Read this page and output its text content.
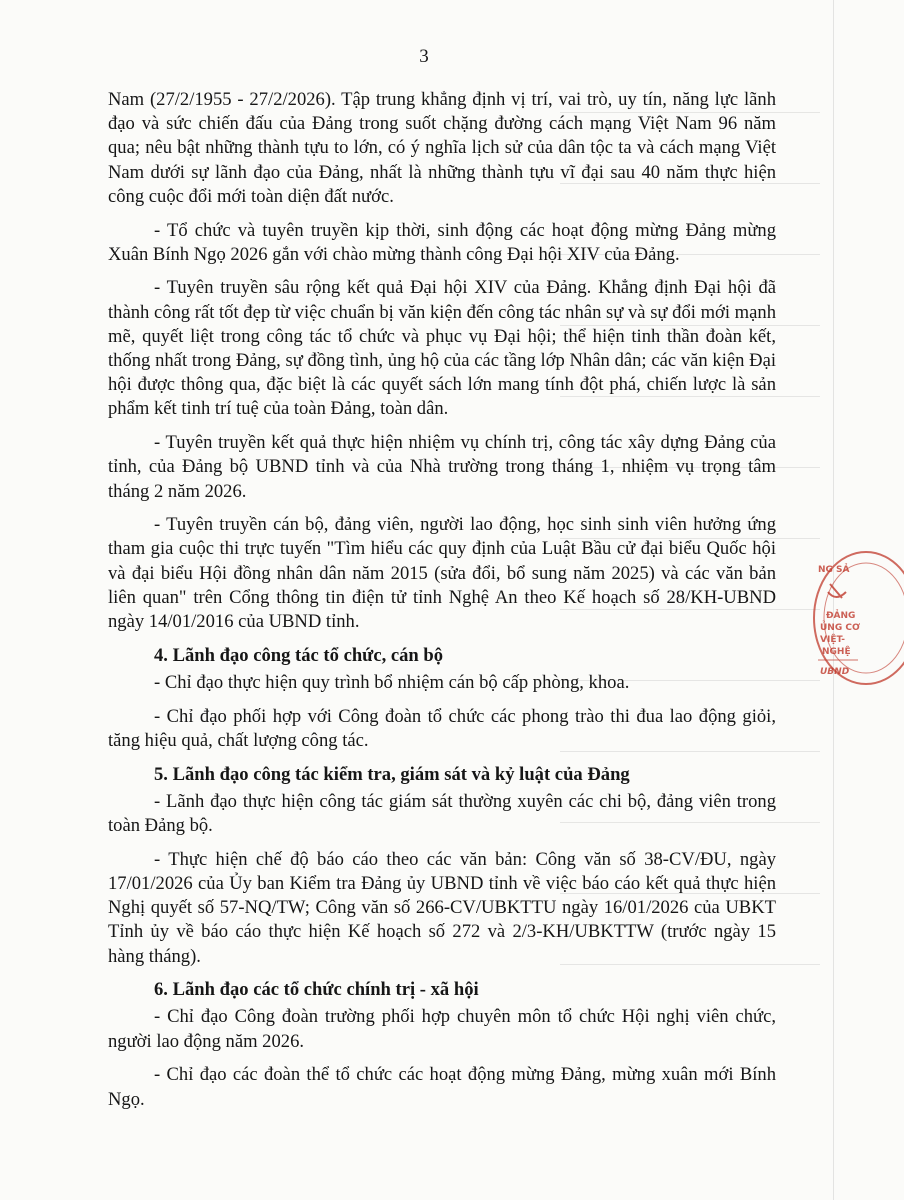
3

Nam (27/2/1955 - 27/2/2026). Tập trung khẳng định vị trí, vai trò, uy tín, năng lực lãnh đạo và sức chiến đấu của Đảng trong suốt chặng đường cách mạng Việt Nam 96 năm qua; nêu bật những thành tựu to lớn, có ý nghĩa lịch sử của dân tộc ta và cách mạng Việt Nam dưới sự lãnh đạo của Đảng, nhất là những thành tựu vĩ đại sau 40 năm thực hiện công cuộc đổi mới toàn diện đất nước.

- Tổ chức và tuyên truyền kịp thời, sinh động các hoạt động mừng Đảng mừng Xuân Bính Ngọ 2026 gắn với chào mừng thành công Đại hội XIV của Đảng.

- Tuyên truyền sâu rộng kết quả Đại hội XIV của Đảng. Khẳng định Đại hội đã thành công rất tốt đẹp từ việc chuẩn bị văn kiện đến công tác nhân sự và sự đổi mới mạnh mẽ, quyết liệt trong công tác tổ chức và phục vụ Đại hội; thể hiện tinh thần đoàn kết, thống nhất trong Đảng, sự đồng tình, ủng hộ của các tầng lớp Nhân dân; các văn kiện Đại hội được thông qua, đặc biệt là các quyết sách lớn mang tính đột phá, chiến lược là sản phẩm kết tinh trí tuệ của toàn Đảng, toàn dân.

- Tuyên truyền kết quả thực hiện nhiệm vụ chính trị, công tác xây dựng Đảng của tỉnh, của Đảng bộ UBND tỉnh và của Nhà trường trong tháng 1, nhiệm vụ trọng tâm tháng 2 năm 2026.

- Tuyên truyền cán bộ, đảng viên, người lao động, học sinh sinh viên hưởng ứng tham gia cuộc thi trực tuyến "Tìm hiểu các quy định của Luật Bầu cử đại biểu Quốc hội và đại biểu Hội đồng nhân dân năm 2015 (sửa đổi, bổ sung năm 2025) và các văn bản liên quan" trên Cổng thông tin điện tử tỉnh Nghệ An theo Kế hoạch số 28/KH-UBND ngày 14/01/2016 của UBND tỉnh.

4. Lãnh đạo công tác tổ chức, cán bộ

- Chỉ đạo thực hiện quy trình bổ nhiệm cán bộ cấp phòng, khoa.

- Chỉ đạo phối hợp với Công đoàn tổ chức các phong trào thi đua lao động giỏi, tăng hiệu quả, chất lượng công tác.

5. Lãnh đạo công tác kiểm tra, giám sát và kỷ luật của Đảng

- Lãnh đạo thực hiện công tác giám sát thường xuyên các chi bộ, đảng viên trong toàn Đảng bộ.

- Thực hiện chế độ báo cáo theo các văn bản: Công văn số 38-CV/ĐU, ngày 17/01/2026 của Ủy ban Kiểm tra Đảng ủy UBND tỉnh về việc báo cáo kết quả thực hiện Nghị quyết số 57-NQ/TW; Công văn số 266-CV/UBKTTU ngày 16/01/2026 của UBKT Tỉnh ủy về báo cáo thực hiện Kế hoạch số 272 và 2/3-KH/UBKTTW (trước ngày 15 hàng tháng).

6. Lãnh đạo các tổ chức chính trị - xã hội

- Chỉ đạo Công đoàn trường phối hợp chuyên môn tổ chức Hội nghị viên chức, người lao động năm 2026.

- Chỉ đạo các đoàn thể tổ chức các hoạt động mừng Đảng, mừng xuân mới Bính Ngọ.

NG SẢ
ĐẢNG
ỦNG CƠ
VIỆT-
NGHỆ
UBND
